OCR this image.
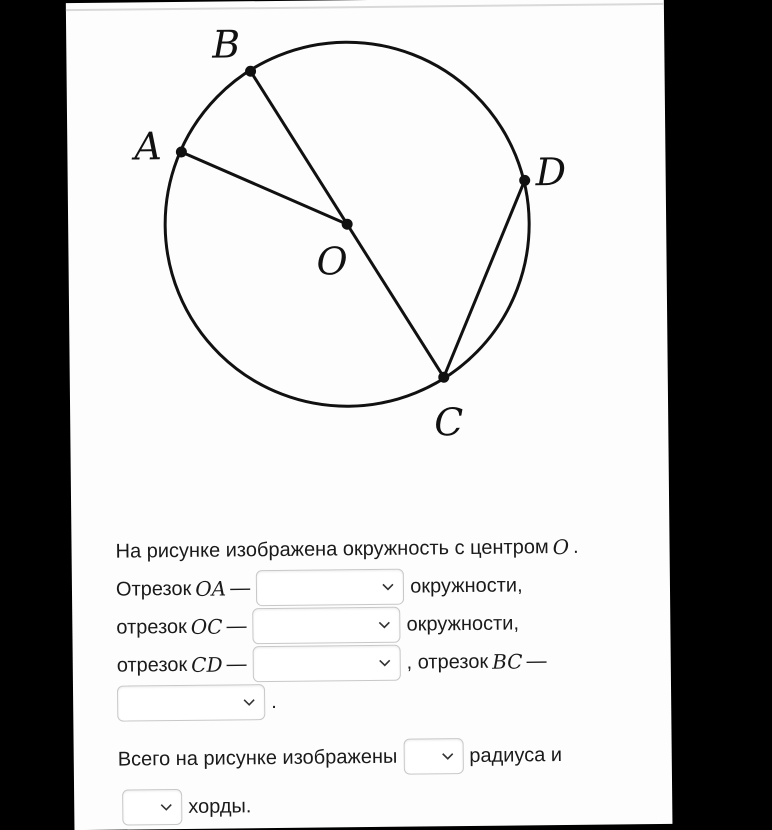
A
B
D
O
C
На рисунке изображена окружность с центром O .
Отрезок OA —	окружности,
отрезок OC —	окружности,
отрезок CD —	, отрезок BC —
.
Всего на рисунке изображены	радиуса и
хорды.
